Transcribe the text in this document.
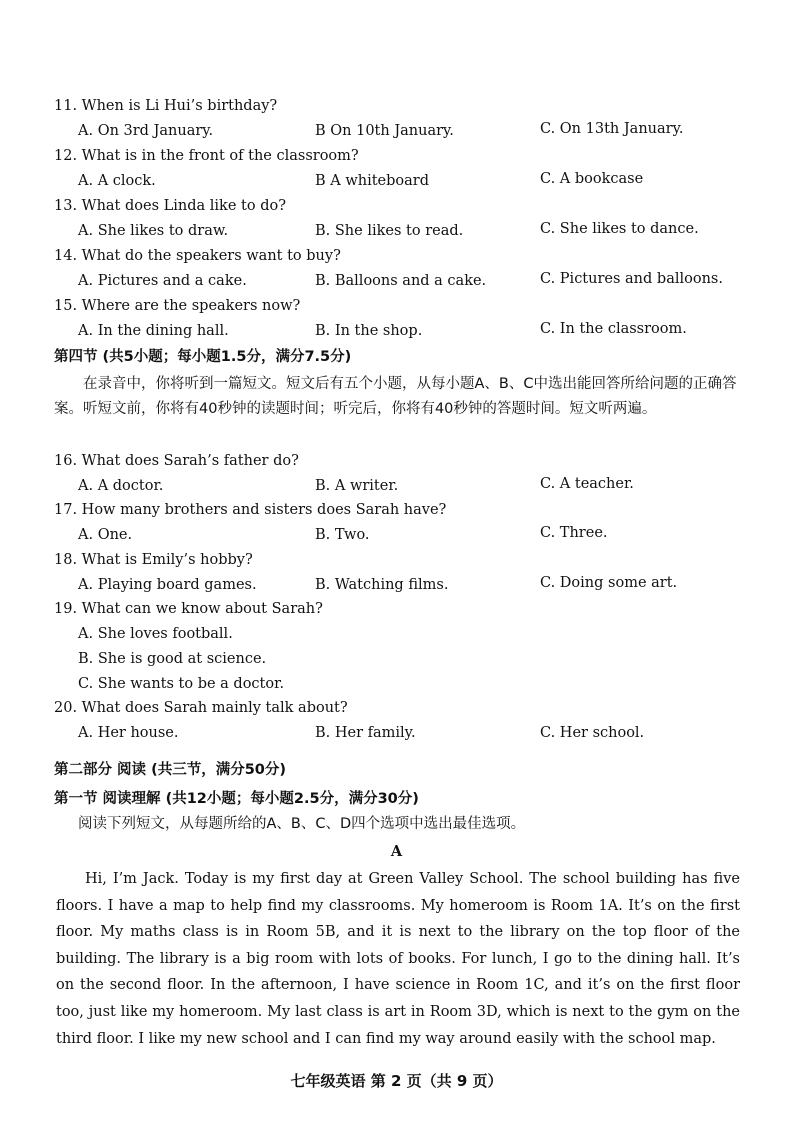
11. When is Li Hui’s birthday?
A. On 3rd January.	B On 10th January.	C. On 13th January.
12. What is in the front of the classroom?
A. A clock.	B A whiteboard	C. A bookcase
13. What does Linda like to do?
A. She likes to draw.	B. She likes to read.	C. She likes to dance.
14. What do the speakers want to buy?
A. Pictures and a cake.	B. Balloons and a cake.	C. Pictures and balloons.
15. Where are the speakers now?
A. In the dining hall.	B. In the shop.	C. In the classroom.
第四节 (共5小题；每小题1.5分，满分7.5分)
在录音中，你将听到一篇短文。短文后有五个小题，从每小题A、B、C中选出能回答所给问题的正确答案。听短文前，你将有40秒钟的读题时间；听完后，你将有40秒钟的答题时间。短文听两遍。
16. What does Sarah’s father do?
A. A doctor.	B. A writer.	C. A teacher.
17. How many brothers and sisters does Sarah have?
A. One.	B. Two.	C. Three.
18. What is Emily’s hobby?
A. Playing board games.	B. Watching films.	C. Doing some art.
19. What can we know about Sarah?
A. She loves football.
B. She is good at science.
C. She wants to be a doctor.
20. What does Sarah mainly talk about?
A. Her house.	B. Her family.	C. Her school.
第二部分 阅读 (共三节，满分50分)
第一节 阅读理解 (共12小题；每小题2.5分，满分30分)
阅读下列短文，从每题所给的A、B、C、D四个选项中选出最佳选项。
A
Hi, I’m Jack. Today is my first day at Green Valley School. The school building has five floors. I have a map to help find my classrooms. My homeroom is Room 1A. It’s on the first floor. My maths class is in Room 5B, and it is next to the library on the top floor of the building. The library is a big room with lots of books. For lunch, I go to the dining hall. It’s on the second floor. In the afternoon, I have science in Room 1C, and it’s on the first floor too, just like my homeroom. My last class is art in Room 3D, which is next to the gym on the third floor. I like my new school and I can find my way around easily with the school map.
七年级英语 第 2 页（共 9 页）
